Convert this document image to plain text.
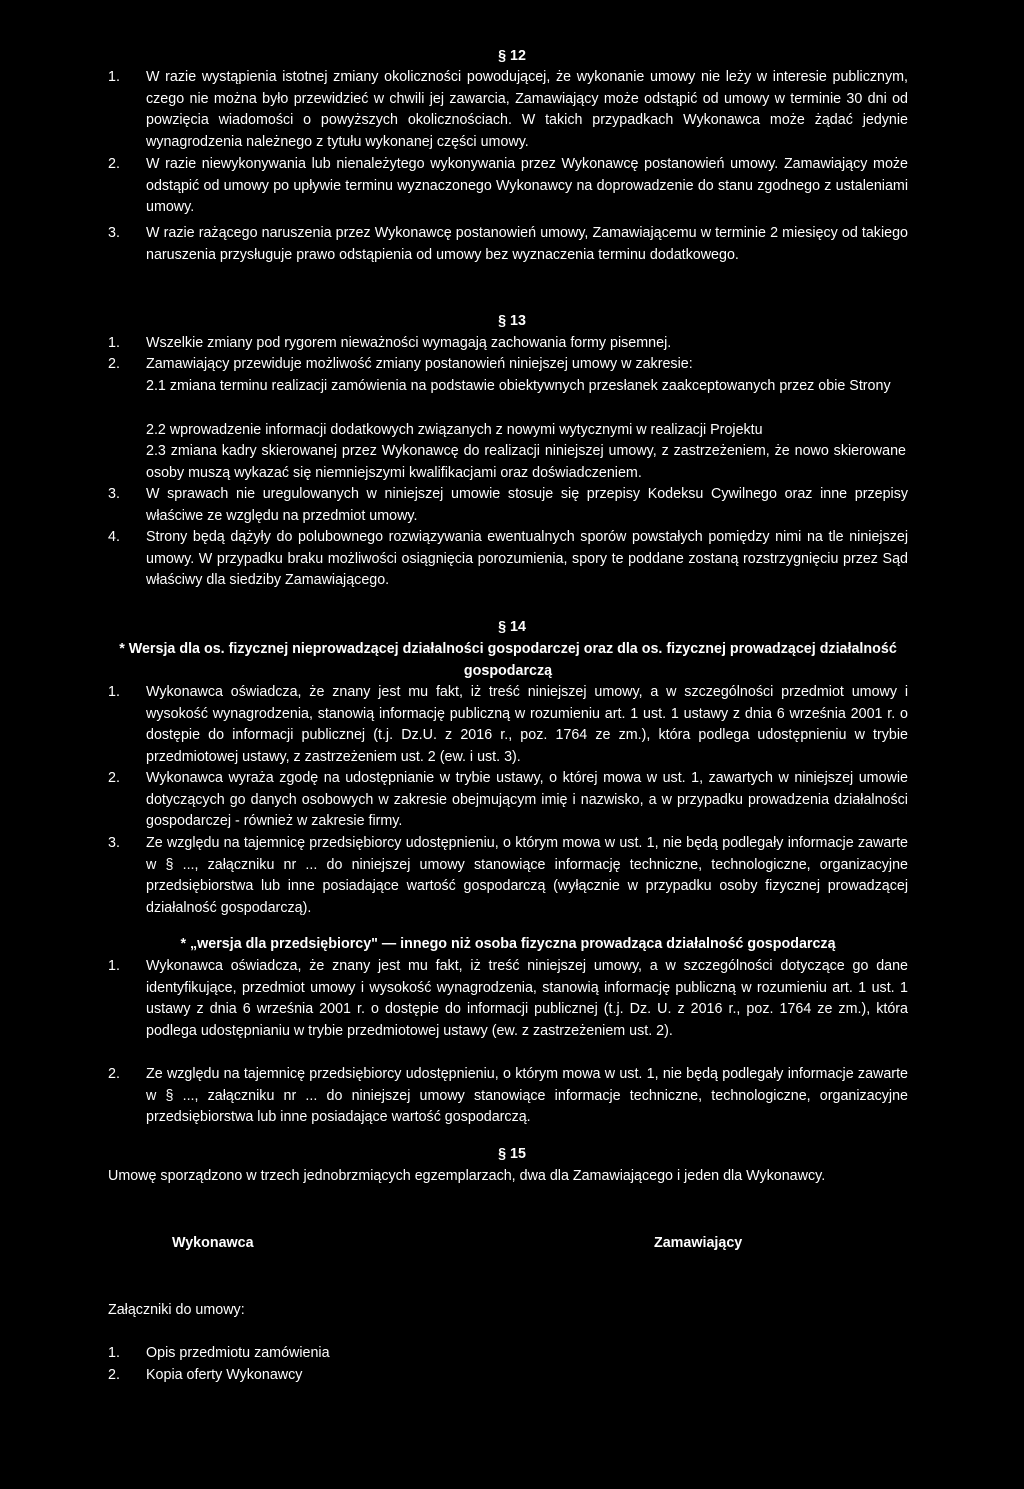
§ 12
1. W razie wystąpienia istotnej zmiany okoliczności powodującej, że wykonanie umowy nie leży w interesie publicznym, czego nie można było przewidzieć w chwili jej zawarcia, Zamawiający może odstąpić od umowy w terminie 30 dni od powzięcia wiadomości o powyższych okolicznościach. W takich przypadkach Wykonawca może żądać jedynie wynagrodzenia należnego z tytułu wykonanej części umowy.
2. W razie niewykonywania lub nienależytego wykonywania przez Wykonawcę postanowień umowy. Zamawiający może odstąpić od umowy po upływie terminu wyznaczonego Wykonawcy na doprowadzenie do stanu zgodnego z ustaleniami umowy.
3. W razie rażącego naruszenia przez Wykonawcę postanowień umowy, Zamawiającemu w terminie 2 miesięcy od takiego naruszenia przysługuje prawo odstąpienia od umowy bez wyznaczenia terminu dodatkowego.
§ 13
1. Wszelkie zmiany pod rygorem nieważności wymagają zachowania formy pisemnej.
2. Zamawiający przewiduje możliwość zmiany postanowień niniejszej umowy w zakresie:
2.1 zmiana terminu realizacji zamówienia na podstawie obiektywnych przesłanek zaakceptowanych przez obie Strony
2.2 wprowadzenie informacji dodatkowych związanych z nowymi wytycznymi w realizacji Projektu
2.3 zmiana kadry skierowanej przez Wykonawcę do realizacji niniejszej umowy, z zastrzeżeniem, że nowo skierowane osoby muszą wykazać się niemniejszymi kwalifikacjami oraz doświadczeniem.
3. W sprawach nie uregulowanych w niniejszej umowie stosuje się przepisy Kodeksu Cywilnego oraz inne przepisy właściwe ze względu na przedmiot umowy.
4. Strony będą dążyły do polubownego rozwiązywania ewentualnych sporów powstałych pomiędzy nimi na tle niniejszej umowy. W przypadku braku możliwości osiągnięcia porozumienia, spory te poddane zostaną rozstrzygnięciu przez Sąd właściwy dla siedziby Zamawiającego.
§ 14
* Wersja dla os. fizycznej nieprowadzącej działalności gospodarczej oraz dla os. fizycznej prowadzącej działalność gospodarczą
1. Wykonawca oświadcza, że znany jest mu fakt, iż treść niniejszej umowy, a w szczególności przedmiot umowy i wysokość wynagrodzenia, stanowią informację publiczną w rozumieniu art. 1 ust. 1 ustawy z dnia 6 września 2001 r. o dostępie do informacji publicznej (t.j. Dz.U. z 2016 r., poz. 1764 ze zm.), która podlega udostępnieniu w trybie przedmiotowej ustawy, z zastrzeżeniem ust. 2 (ew. i ust. 3).
2. Wykonawca wyraża zgodę na udostępnianie w trybie ustawy, o której mowa w ust. 1, zawartych w niniejszej umowie dotyczących go danych osobowych w zakresie obejmującym imię i nazwisko, a w przypadku prowadzenia działalności gospodarczej - również w zakresie firmy.
3. Ze względu na tajemnicę przedsiębiorcy udostępnieniu, o którym mowa w ust. 1, nie będą podlegały informacje zawarte w § ..., załączniku nr ... do niniejszej umowy stanowiące informację techniczne, technologiczne, organizacyjne przedsiębiorstwa lub inne posiadające wartość gospodarczą (wyłącznie w przypadku osoby fizycznej prowadzącej działalność gospodarczą).
* „wersja dla przedsiębiorcy" — innego niż osoba fizyczna prowadząca działalność gospodarczą
1. Wykonawca oświadcza, że znany jest mu fakt, iż treść niniejszej umowy, a w szczególności dotyczące go dane identyfikujące, przedmiot umowy i wysokość wynagrodzenia, stanowią informację publiczną w rozumieniu art. 1 ust. 1 ustawy z dnia 6 września 2001 r. o dostępie do informacji publicznej (t.j. Dz. U. z 2016 r., poz. 1764 ze zm.), która podlega udostępnianiu w trybie przedmiotowej ustawy (ew. z zastrzeżeniem ust. 2).
2. Ze względu na tajemnicę przedsiębiorcy udostępnieniu, o którym mowa w ust. 1, nie będą podlegały informacje zawarte w § ..., załączniku nr ... do niniejszej umowy stanowiące informacje techniczne, technologiczne, organizacyjne przedsiębiorstwa lub inne posiadające wartość gospodarczą.
§ 15
Umowę sporządzono w trzech jednobrzmiących egzemplarzach, dwa dla Zamawiającego i jeden dla Wykonawcy.
Wykonawca	Zamawiający
Załączniki do umowy:
1. Opis przedmiotu zamówienia
2. Kopia oferty Wykonawcy
